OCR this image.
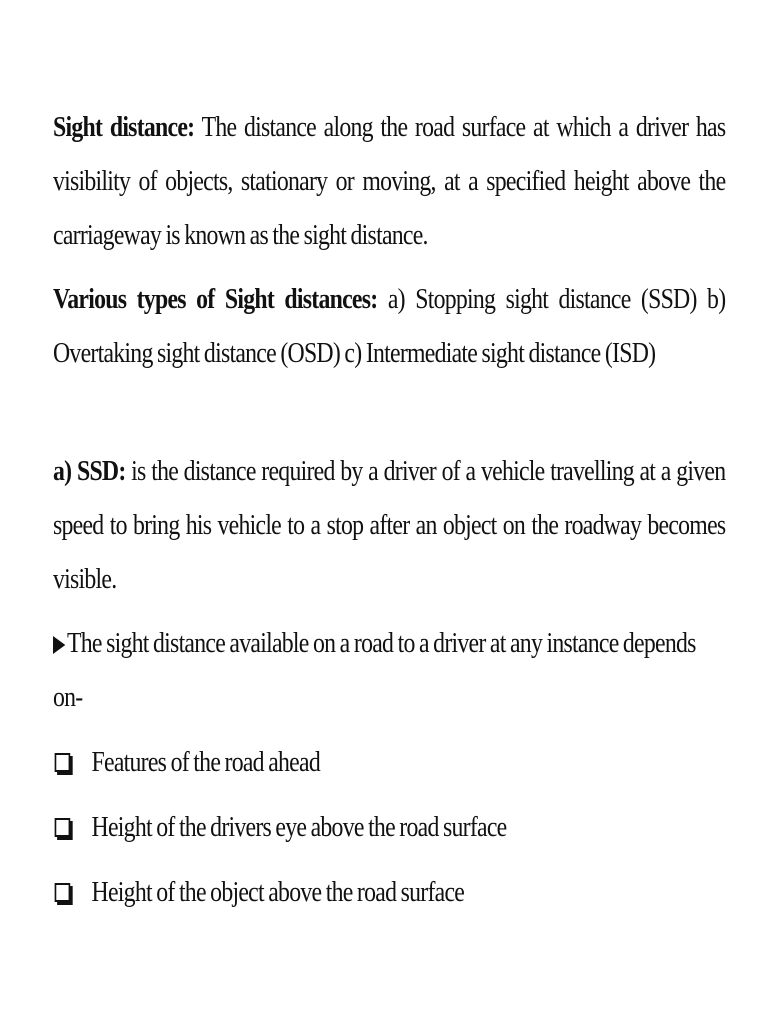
Sight distance: The distance along the road surface at which a driver has visibility of objects, stationary or moving, at a specified height above the carriageway is known as the sight distance.

Various types of Sight distances: a) Stopping sight distance (SSD) b) Overtaking sight distance (OSD) c) Intermediate sight distance (ISD)

a) SSD: is the distance required by a driver of a vehicle travelling at a given speed to bring his vehicle to a stop after an object on the roadway becomes visible.

The sight distance available on a road to a driver at any instance depends on-

Features of the road ahead
Height of the drivers eye above the road surface
Height of the object above the road surface
